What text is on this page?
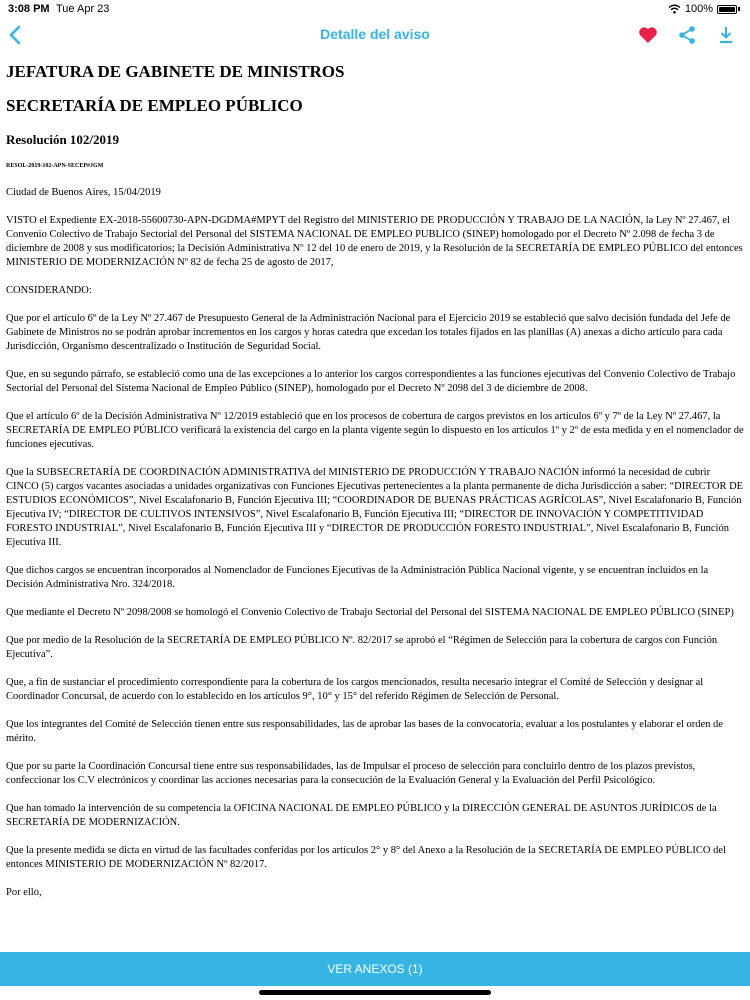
3:08 PM Tue Apr 23	100%
Detalle del aviso
JEFATURA DE GABINETE DE MINISTROS
SECRETARÍA DE EMPLEO PÚBLICO
Resolución 102/2019
RESOL-2019-102-APN-SECEP#JGM
Ciudad de Buenos Aires, 15/04/2019
VISTO el Expediente EX-2018-55600730-APN-DGDMA#MPYT del Registro del MINISTERIO DE PRODUCCIÓN Y TRABAJO DE LA NACIÓN, la Ley Nº 27.467, el Convenio Colectivo de Trabajo Sectorial del Personal del SISTEMA NACIONAL DE EMPLEO PUBLICO (SINEP) homologado por el Decreto Nº 2.098 de fecha 3 de diciembre de 2008 y sus modificatorios; la Decisión Administrativa Nº 12 del 10 de enero de 2019, y la Resolución de la SECRETARÍA DE EMPLEO PÚBLICO del entonces MINISTERIO DE MODERNIZACIÓN Nº 82 de fecha 25 de agosto de 2017,
CONSIDERANDO:
Que por el artículo 6º de la Ley Nº 27.467 de Presupuesto General de la Administración Nacional para el Ejercicio 2019 se estableció que salvo decisión fundada del Jefe de Gabinete de Ministros no se podrán aprobar incrementos en los cargos y horas catedra que excedan los totales fijados en las planillas (A) anexas a dicho artículo para cada Jurisdicción, Organismo descentralizado o Institución de Seguridad Social.
Que, en su segundo párrafo, se estableció como una de las excepciones a lo anterior los cargos correspondientes a las funciones ejecutivas del Convenio Colectivo de Trabajo Sectorial del Personal del Sistema Nacional de Empleo Público (SINEP), homologado por el Decreto Nº 2098 del 3 de diciembre de 2008.
Que el artículo 6º de la Decisión Administrativa Nº 12/2019 estableció que en los procesos de cobertura de cargos previstos en los artículos 6º y 7º de la Ley Nº 27.467, la SECRETARÍA DE EMPLEO PÚBLICO verificará la existencia del cargo en la planta vigente según lo dispuesto en los artículos 1º y 2º de esta medida y en el nomenclador de funciones ejecutivas.
Que la SUBSECRETARÍA DE COORDINACIÓN ADMINISTRATIVA del MINISTERIO DE PRODUCCIÓN Y TRABAJO NACIÓN informó la necesidad de cubrir CINCO (5) cargos vacantes asociadas a unidades organizativas con Funciones Ejecutivas pertenecientes a la planta permanente de dicha Jurisdicción a saber: “DIRECTOR DE ESTUDIOS ECONÓMICOS”, Nivel Escalafonario B, Función Ejecutiva III; “COORDINADOR DE BUENAS PRÁCTICAS AGRÍCOLAS”, Nivel Escalafonario B, Función Ejecutiva IV; “DIRECTOR DE CULTIVOS INTENSIVOS”, Nivel Escalafonario B, Función Ejecutiva III; “DIRECTOR DE INNOVACIÓN Y COMPETITIVIDAD FORESTO INDUSTRIAL”, Nivel Escalafonario B, Función Ejecutiva III y “DIRECTOR DE PRODUCCIÓN FORESTO INDUSTRIAL”, Nivel Escalafonario B, Función Ejecutiva III.
Que dichos cargos se encuentran incorporados al Nomenclador de Funciones Ejecutivas de la Administración Pública Nacional vigente, y se encuentran incluidos en la Decisión Administrativa Nro. 324/2018.
Que mediante el Decreto Nº 2098/2008 se homologó el Convenio Colectivo de Trabajo Sectorial del Personal del SISTEMA NACIONAL DE EMPLEO PÚBLICO (SINEP)
Que por medio de la Resolución de la SECRETARÍA DE EMPLEO PÚBLICO Nº. 82/2017 se aprobó el “Régimen de Selección para la cobertura de cargos con Función Ejecutiva”.
Que, a fin de sustanciar el procedimiento correspondiente para la cobertura de los cargos mencionados, resulta necesario integrar el Comité de Selección y designar al Coordinador Concursal, de acuerdo con lo establecido en los artículos 9°, 10° y 15° del referido Régimen de Selección de Personal.
Que los integrantes del Comité de Selección tienen entre sus responsabilidades, las de aprobar las bases de la convocatoria, evaluar a los postulantes y elaborar el orden de mérito.
Que por su parte la Coordinación Concursal tiene entre sus responsabilidades, las de Impulsar el proceso de selección para concluirlo dentro de los plazos previstos, confeccionar los C.V electrónicos y coordinar las acciones necesarias para la consecución de la Evaluación General y la Evaluación del Perfil Psicológico.
Que han tomado la intervención de su competencia la OFICINA NACIONAL DE EMPLEO PÚBLICO y la DIRECCIÓN GENERAL DE ASUNTOS JURÍDICOS de la SECRETARÍA DE MODERNIZACIÓN.
Que la presente medida se dicta en virtud de las facultades conferidas por los artículos 2° y 8° del Anexo a la Resolución de la SECRETARÍA DE EMPLEO PÚBLICO del entonces MINISTERIO DE MODERNIZACIÓN Nº 82/2017.
Por ello,
VER ANEXOS (1)
